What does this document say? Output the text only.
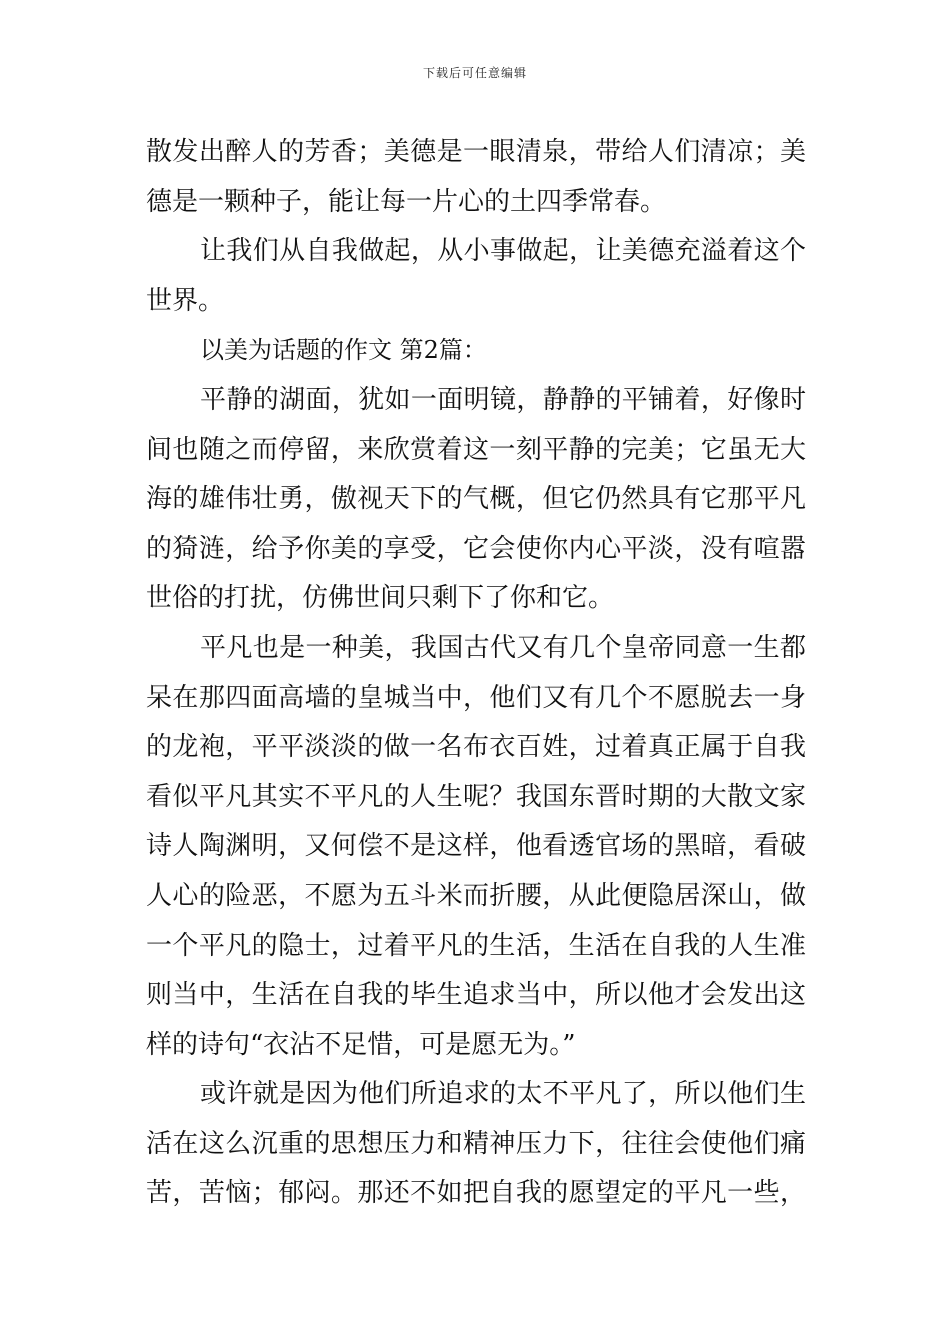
下载后可任意编辑
散发出醉人的芳香；美德是一眼清泉，带给人们清凉；美
德是一颗种子，能让每一片心的土四季常春。
让我们从自我做起，从小事做起，让美德充溢着这个
世界。
以美为话题的作文 第2篇：
平静的湖面，犹如一面明镜，静静的平铺着，好像时
间也随之而停留，来欣赏着这一刻平静的完美；它虽无大
海的雄伟壮勇，傲视天下的气概，但它仍然具有它那平凡
的猗涟，给予你美的享受，它会使你内心平淡，没有喧嚣
世俗的打扰，仿佛世间只剩下了你和它。
平凡也是一种美，我国古代又有几个皇帝同意一生都
呆在那四面高墙的皇城当中，他们又有几个不愿脱去一身
的龙袍，平平淡淡的做一名布衣百姓，过着真正属于自我
看似平凡其实不平凡的人生呢？我国东晋时期的大散文家
诗人陶渊明，又何偿不是这样，他看透官场的黑暗，看破
人心的险恶，不愿为五斗米而折腰，从此便隐居深山，做
一个平凡的隐士，过着平凡的生活，生活在自我的人生准
则当中，生活在自我的毕生追求当中，所以他才会发出这
样的诗句“衣沾不足惜，可是愿无为。”
或许就是因为他们所追求的太不平凡了，所以他们生
活在这么沉重的思想压力和精神压力下，往往会使他们痛
苦，苦恼；郁闷。那还不如把自我的愿望定的平凡一些，
